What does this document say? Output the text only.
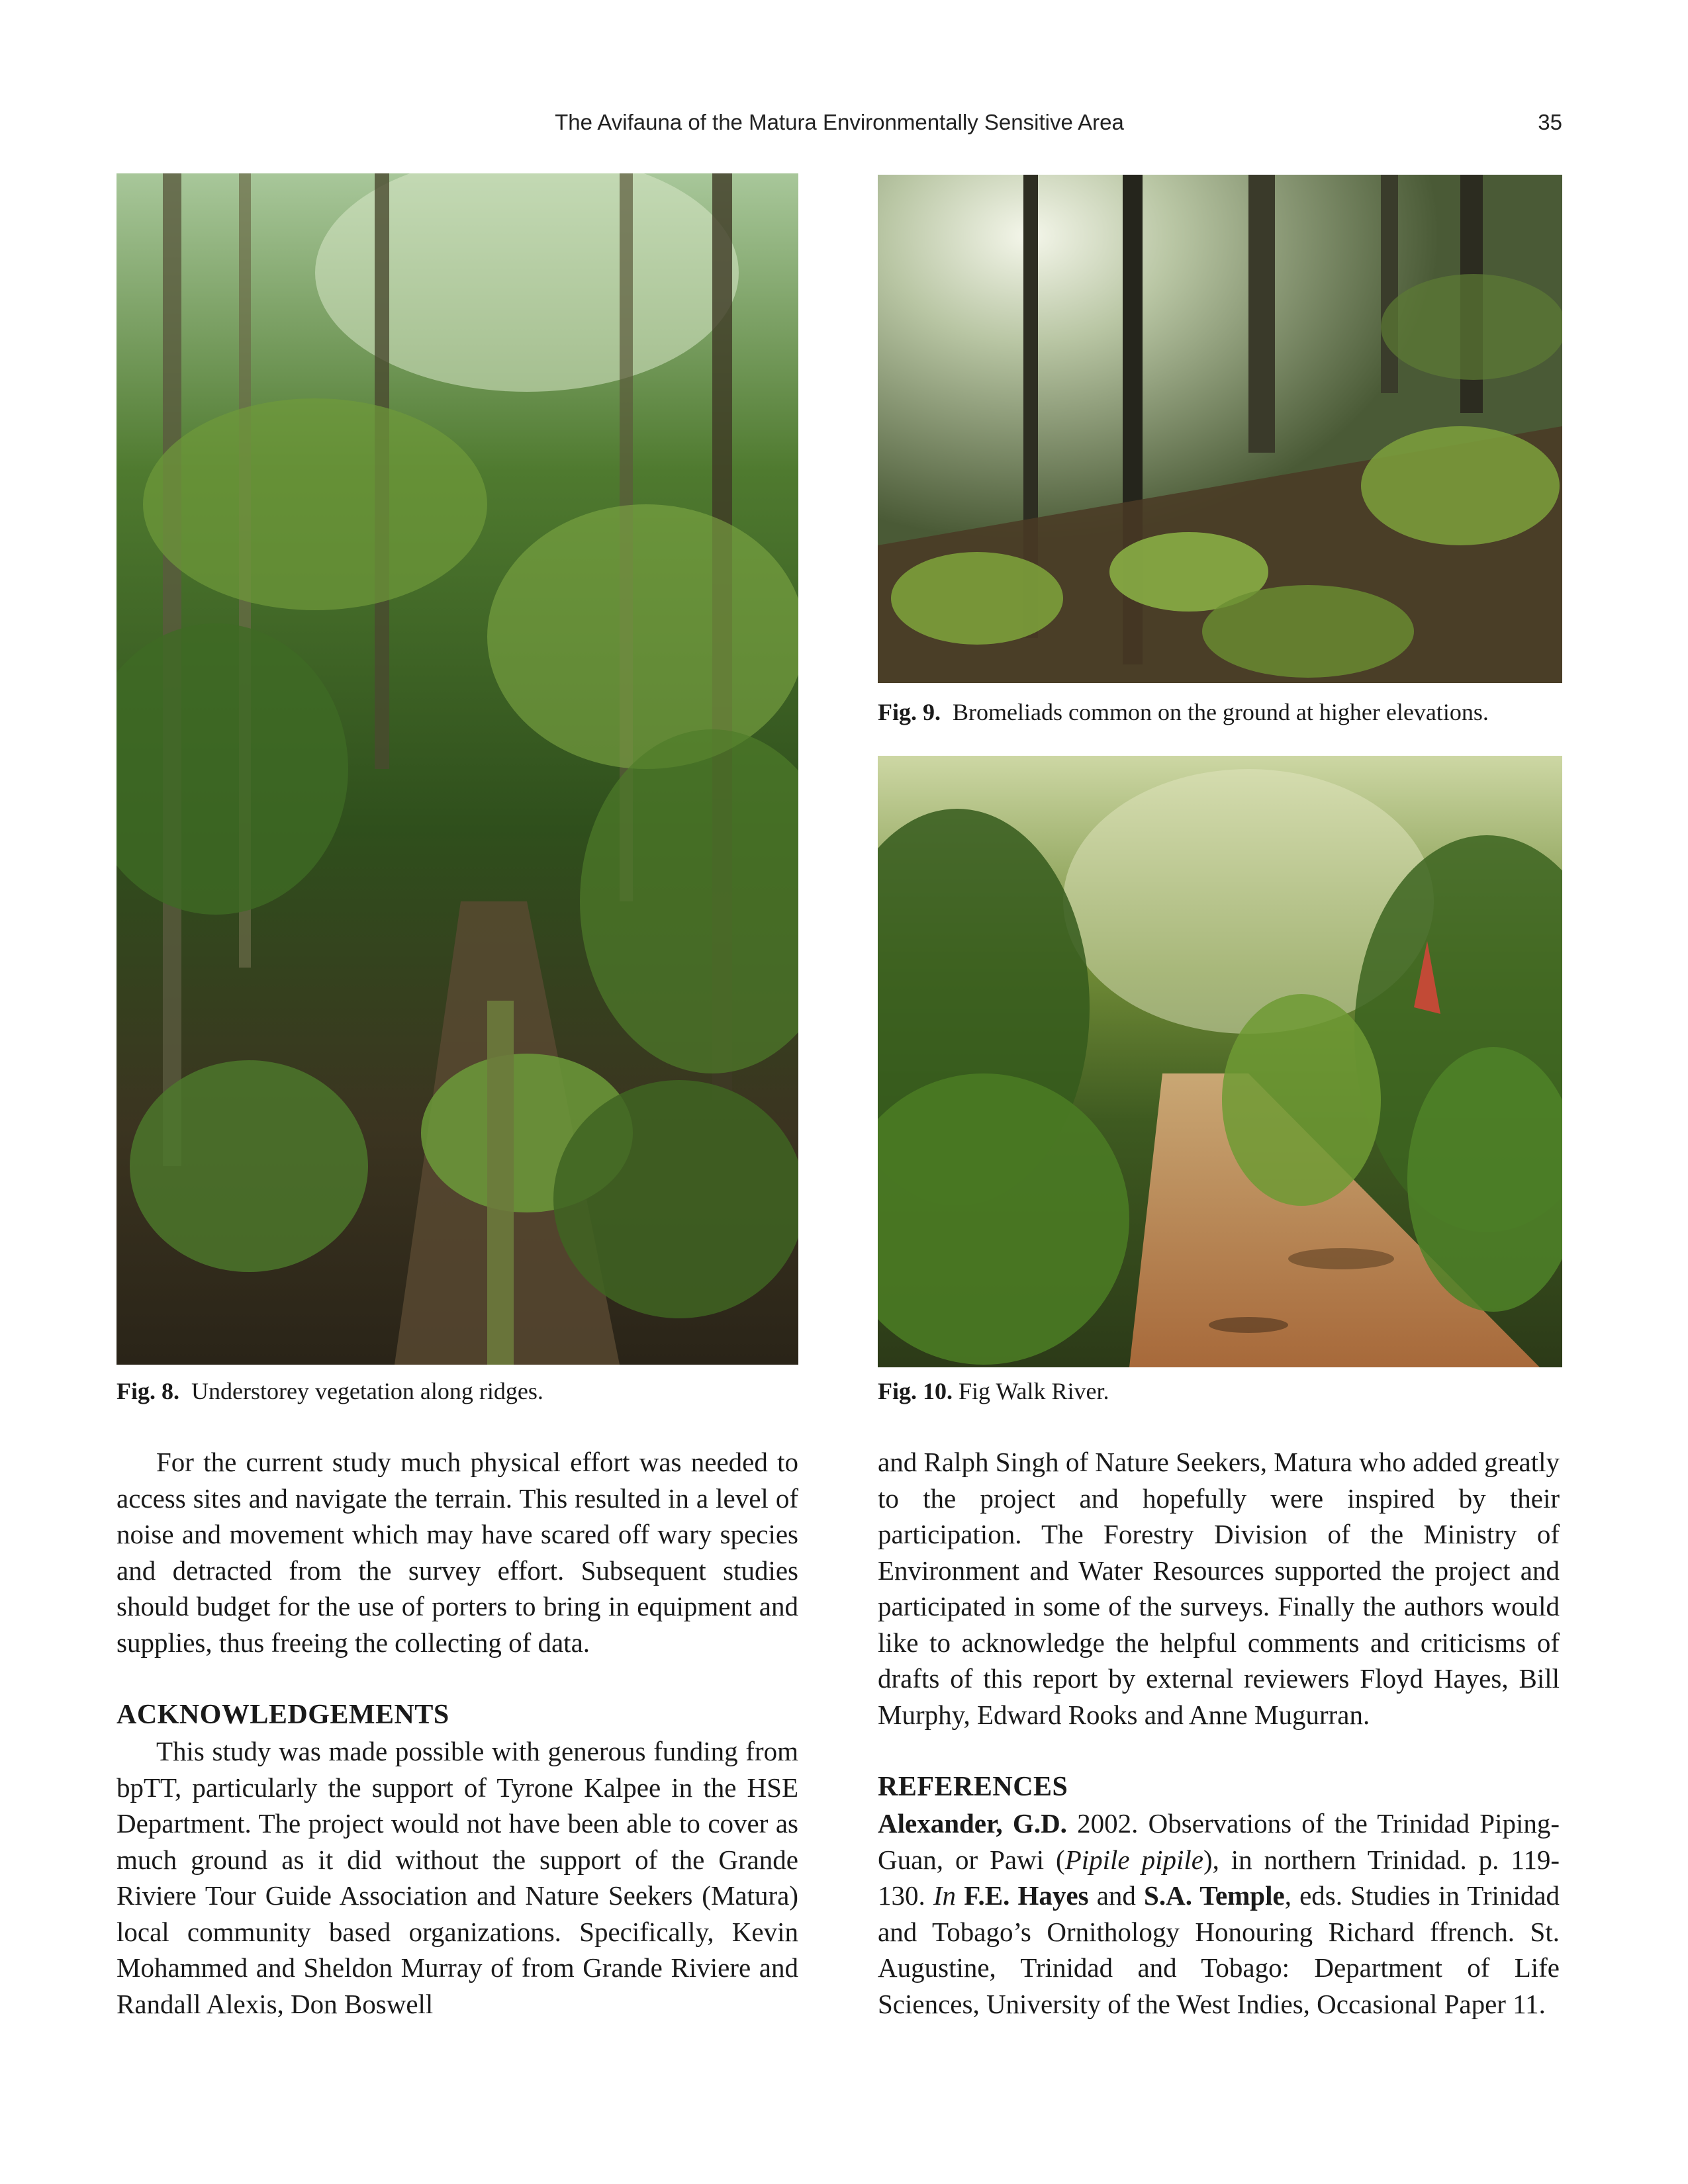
The Avifauna of the Matura Environmentally Sensitive Area	35
Fig. 9. Bromeliads common on the ground at higher elevations.
Fig. 8. Understorey vegetation along ridges.	Fig. 10. Fig Walk River.

For the current study much physical effort was needed to access sites and navigate the terrain. This resulted in a level of noise and movement which may have scared off wary species and detracted from the survey effort. Subsequent studies should budget for the use of porters to bring in equipment and supplies, thus freeing the collecting of data.

ACKNOWLEDGEMENTS

This study was made possible with generous funding from bpTT, particularly the support of Tyrone Kalpee in the HSE Department. The project would not have been able to cover as much ground as it did without the support of the Grande Riviere Tour Guide Association and Nature Seekers (Matura) local community based organizations. Specifically, Kevin Mohammed and Sheldon Murray of from Grande Riviere and Randall Alexis, Don Boswell

and Ralph Singh of Nature Seekers, Matura who added greatly to the project and hopefully were inspired by their participation. The Forestry Division of the Ministry of Environment and Water Resources supported the project and participated in some of the surveys. Finally the authors would like to acknowledge the helpful comments and criticisms of drafts of this report by external reviewers Floyd Hayes, Bill Murphy, Edward Rooks and Anne Mugurran.

REFERENCES

Alexander, G.D. 2002. Observations of the Trinidad Piping-Guan, or Pawi (Pipile pipile), in northern Trinidad. p. 119-130. In F.E. Hayes and S.A. Temple, eds. Studies in Trinidad and Tobago’s Ornithology Honouring Richard ffrench. St. Augustine, Trinidad and Tobago: Department of Life Sciences, University of the West Indies, Occasional Paper 11.
